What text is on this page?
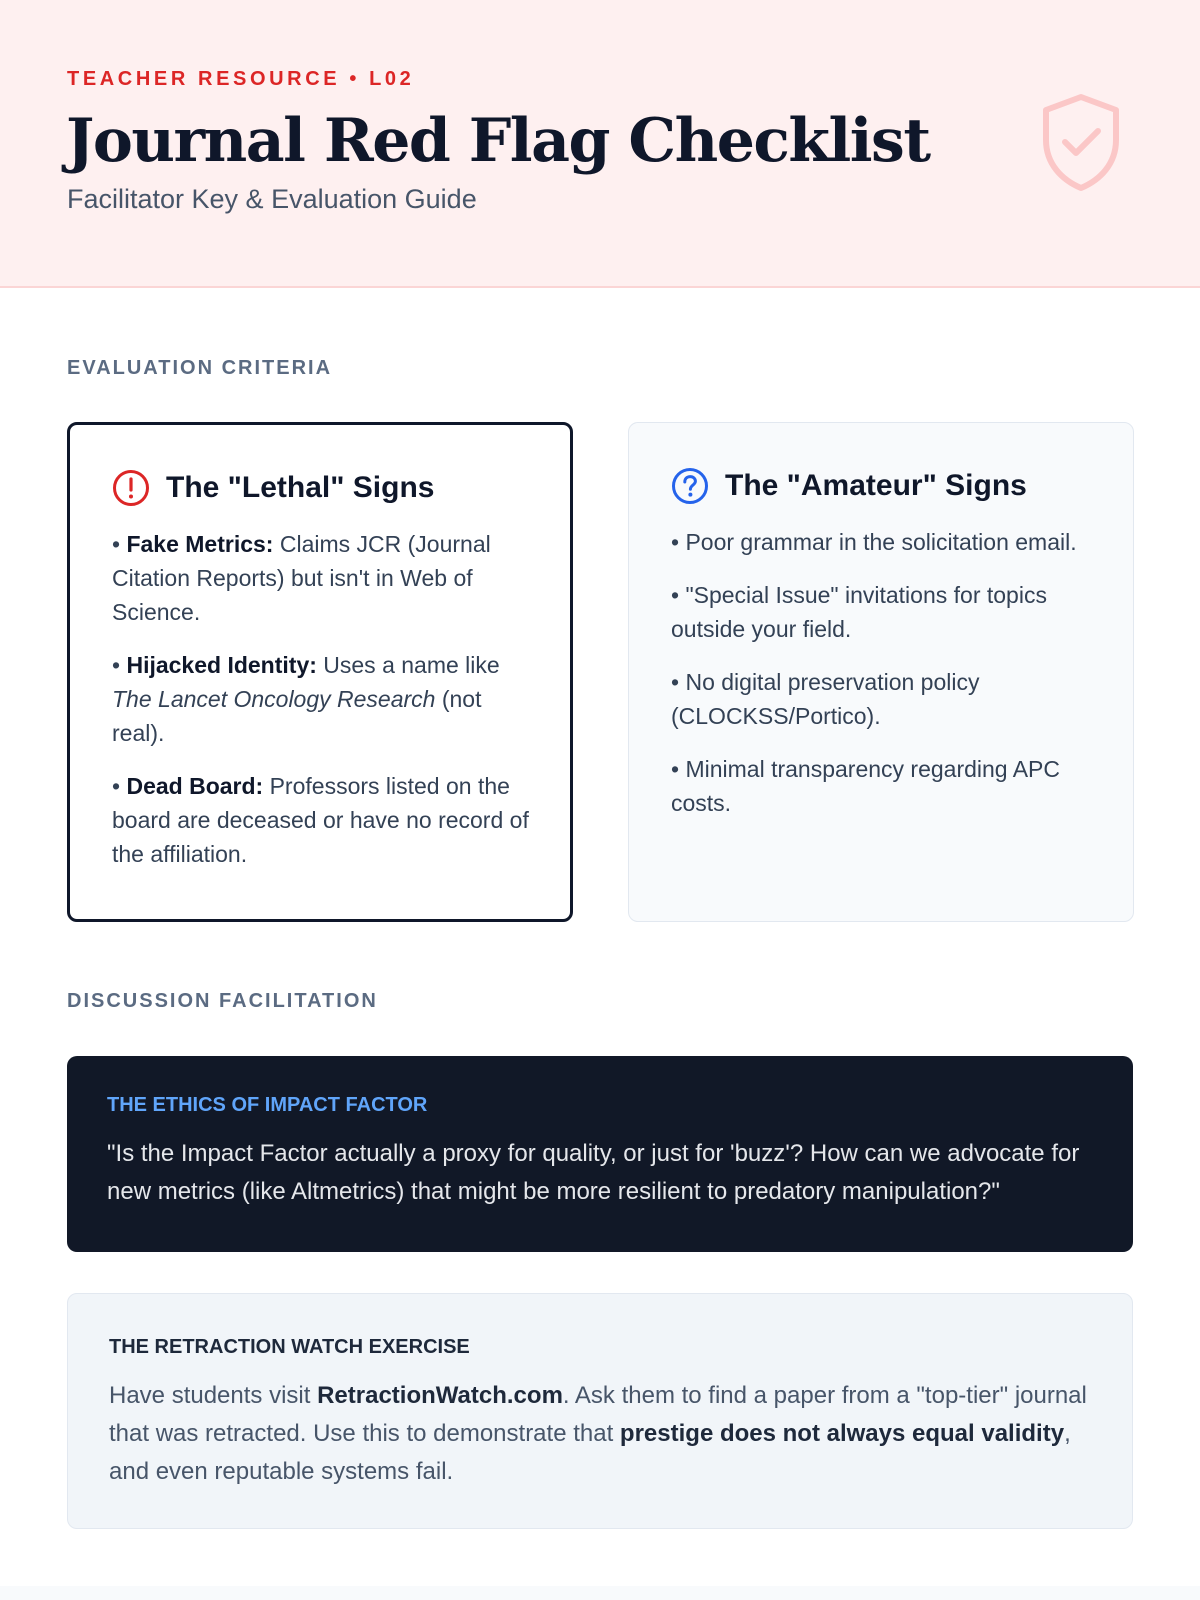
TEACHER RESOURCE • L02
Journal Red Flag Checklist
Facilitator Key & Evaluation Guide
EVALUATION CRITERIA
The "Lethal" Signs
• Fake Metrics: Claims JCR (Journal Citation Reports) but isn't in Web of Science.
• Hijacked Identity: Uses a name like The Lancet Oncology Research (not real).
• Dead Board: Professors listed on the board are deceased or have no record of the affiliation.
The "Amateur" Signs
• Poor grammar in the solicitation email.
• "Special Issue" invitations for topics outside your field.
• No digital preservation policy (CLOCKSS/Portico).
• Minimal transparency regarding APC costs.
DISCUSSION FACILITATION
THE ETHICS OF IMPACT FACTOR
"Is the Impact Factor actually a proxy for quality, or just for 'buzz'? How can we advocate for new metrics (like Altmetrics) that might be more resilient to predatory manipulation?"
THE RETRACTION WATCH EXERCISE
Have students visit RetractionWatch.com. Ask them to find a paper from a "top-tier" journal that was retracted. Use this to demonstrate that prestige does not always equal validity, and even reputable systems fail.
